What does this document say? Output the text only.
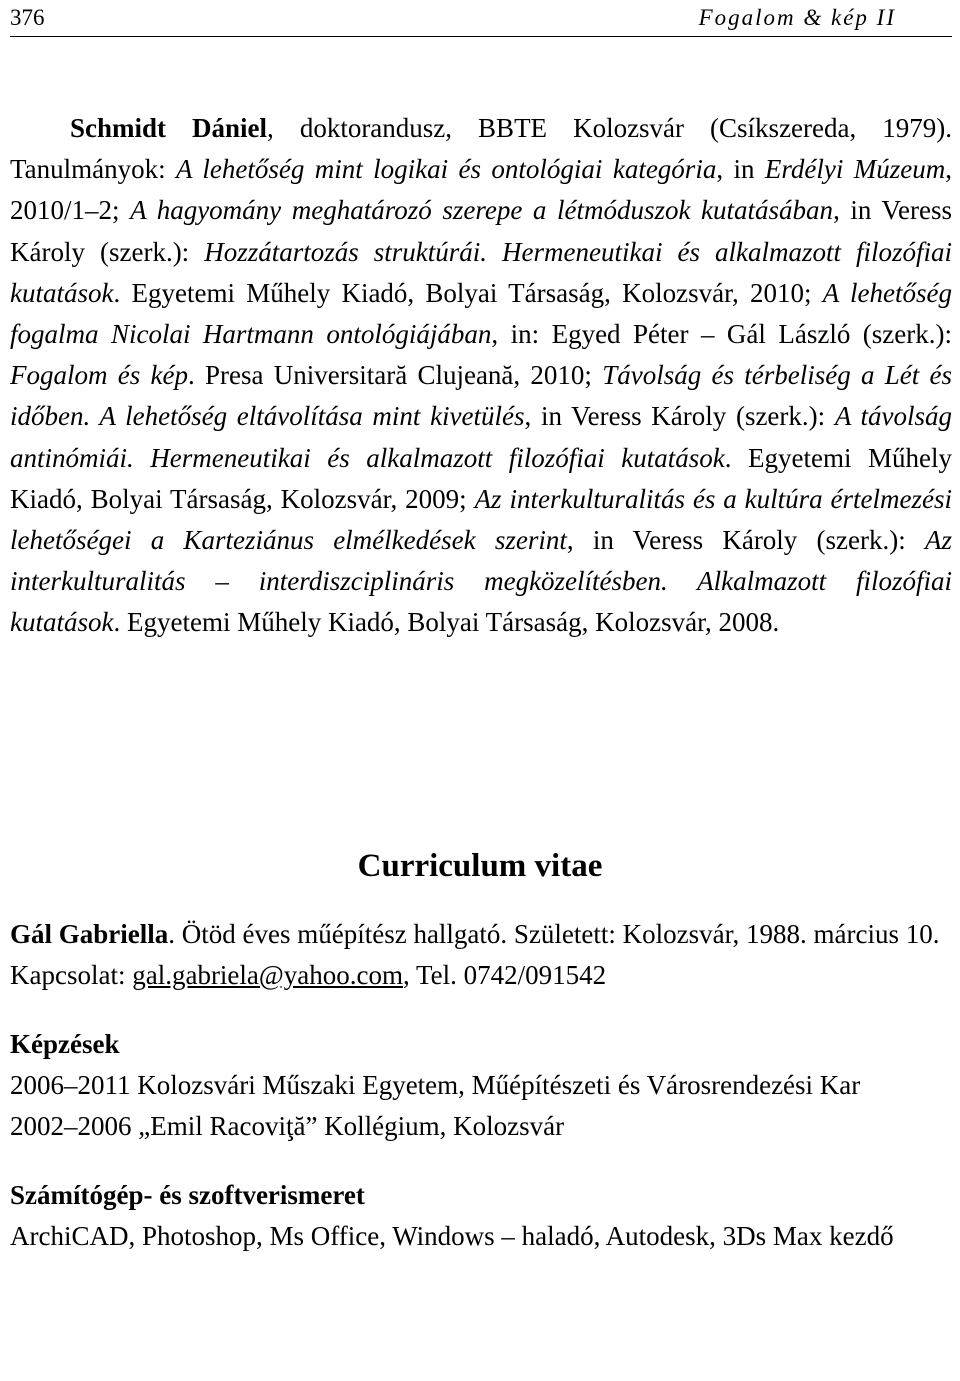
376	Fogalom & kép II
Schmidt Dániel, doktorandusz, BBTE Kolozsvár (Csíkszereda, 1979). Tanulmányok: A lehetőség mint logikai és ontológiai kategória, in Erdélyi Múzeum, 2010/1–2; A hagyomány meghatározó szerepe a létmóduszok kutatásában, in Veress Károly (szerk.): Hozzátartozás struktúrái. Hermeneutikai és alkalmazott filozófiai kutatások. Egyetemi Műhely Kiadó, Bolyai Társaság, Kolozsvár, 2010; A lehetőség fogalma Nicolai Hartmann ontológiájában, in: Egyed Péter – Gál László (szerk.): Fogalom és kép. Presa Universitară Clujeană, 2010; Távolság és térbeliség a Lét és időben. A lehetőség eltávolítása mint kivetülés, in Veress Károly (szerk.): A távolság antinómiái. Hermeneutikai és alkalmazott filozófiai kutatások. Egyetemi Műhely Kiadó, Bolyai Társaság, Kolozsvár, 2009; Az interkulturalitás és a kultúra értelmezési lehetőségei a Karteziánus elmélkedések szerint, in Veress Károly (szerk.): Az interkulturalitás – interdiszciplináris megközelítésben. Alkalmazott filozófiai kutatások. Egyetemi Műhely Kiadó, Bolyai Társaság, Kolozsvár, 2008.
Curriculum vitae

Gál Gabriella. Ötöd éves műépítész hallgató. Született: Kolozsvár, 1988. március 10.

Kapcsolat: gal.gabriela@yahoo.com, Tel. 0742/091542

Képzések

2006–2011 Kolozsvári Műszaki Egyetem, Műépítészeti és Városrendezési Kar

2002–2006 „Emil Racoviţă” Kollégium, Kolozsvár

Számítógép- és szoftverismeret

ArchiCAD, Photoshop, Ms Office, Windows – haladó, Autodesk, 3Ds Max kezdő
